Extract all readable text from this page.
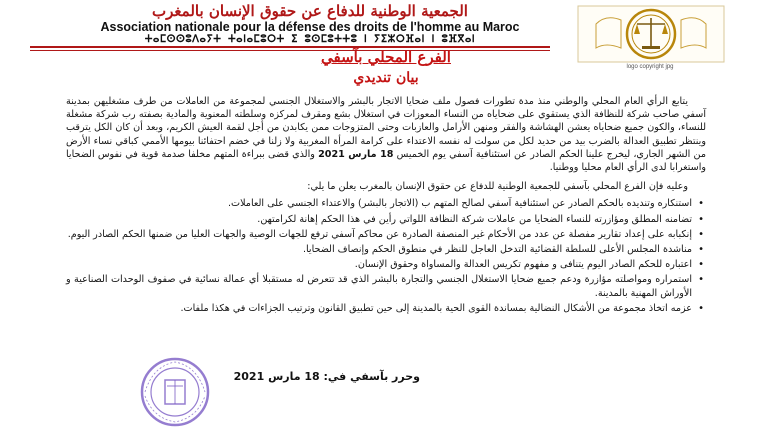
الجمعية الوطنية للدفاع عن حقوق الإنسان بالمغرب
Association nationale pour la défense des droits de l'homme au Maroc
ⵜⴰⵎⵙⵙⵓⴷⴰⵢⵜ ⵜⴰⵏⴰⵎⵓⵔⵜ ⵉ ⵓⵙⵎⵓⵜⵜⵓ ⵏ ⵢⵉⵣⵔⴼⴰⵏ ⵏ ⵓⴼⴳⴰⵏ
logo copyright jpg
الفرع المحلي بآسفي
بيان تنديدي

يتابع الرأي العام المحلي والوطني منذ مدة تطورات فصول ملف ضحايا الاتجار بالبشر والاستغلال الجنسي لمجموعة من العاملات من طرف مشغليهن بمدينة آسفي صاحب شركة للنظافة الذي يستقوي على ضحاياه من النساء المعوزات في استغلال بشع ومقرف لمركزه وسلطته المعنوية والمادية بصفته رب شركة مشغلة للنساء، والكون جميع ضحاياه يعشن الهشاشة والفقر ومنهن الأرامل والعازبات وحتى المتزوجات ممن يكابدن من أجل لقمة العيش الكريم، وبعد أن كان الكل يترقب وينتظر تطبيق العدالة بالضرب بيد من حديد لكل من سولت له نفسه الاعتداء على كرامة المرأة المغربية ولا زلنا في خضم احتفائنا بيومها الأممي كباقي نساء الأرض من الشهر الجاري، ليخرج علينا الحكم الصادر عن استئنافية آسفي يوم الخميس 18 مارس 2021 والذي قضى ببراءة المتهم مخلفا صدمة قوية في نفوس الضحايا واستغرابا لدى الرأي العام محليا ووطنيا.

وعليه فإن الفرع المحلي بآسفي للجمعية الوطنية للدفاع عن حقوق الإنسان بالمغرب يعلن ما يلي:

•
استنكاره وتنديده بالحكم الصادر عن استئنافية آسفي لصالح المتهم ب (الاتجار بالبشر) والاعتداء الجنسي على العاملات.
•
تضامنه المطلق ومؤازرته للنساء الضحايا من عاملات شركة النظافة اللواتي رأين في هذا الحكم إهانة لكرامتهن.
•
إنكبابه على إعداد تقارير مفصلة عن عدد من الأحكام غير المنصفة الصادرة عن محاكم آسفي ترفع للجهات الوصية والجهات العليا من ضمنها الحكم الصادر اليوم.
•
مناشدة المجلس الأعلى للسلطة القضائية التدخل العاجل للنظر في منطوق الحكم وإنصاف الضحايا.
•
اعتباره للحكم الصادر اليوم يتنافى و مفهوم تكريس العدالة والمساواة وحقوق الإنسان.
•
استمراره ومواصلته مؤازرة ودعم جميع ضحايا الاستغلال الجنسي والتجارة بالبشر الذي قد تتعرض له مستقبلا أي عمالة نسائية في صفوف الوحدات الصناعية و الأوراش المهنية بالمدينة.
•
عزمه اتخاذ مجموعة من الأشكال النضالية بمساندة القوى الحية بالمدينة إلى حين تطبيق القانون وترتيب الجزاءات في هكذا ملفات.
وحرر بآسفي في: 18 مارس 2021
